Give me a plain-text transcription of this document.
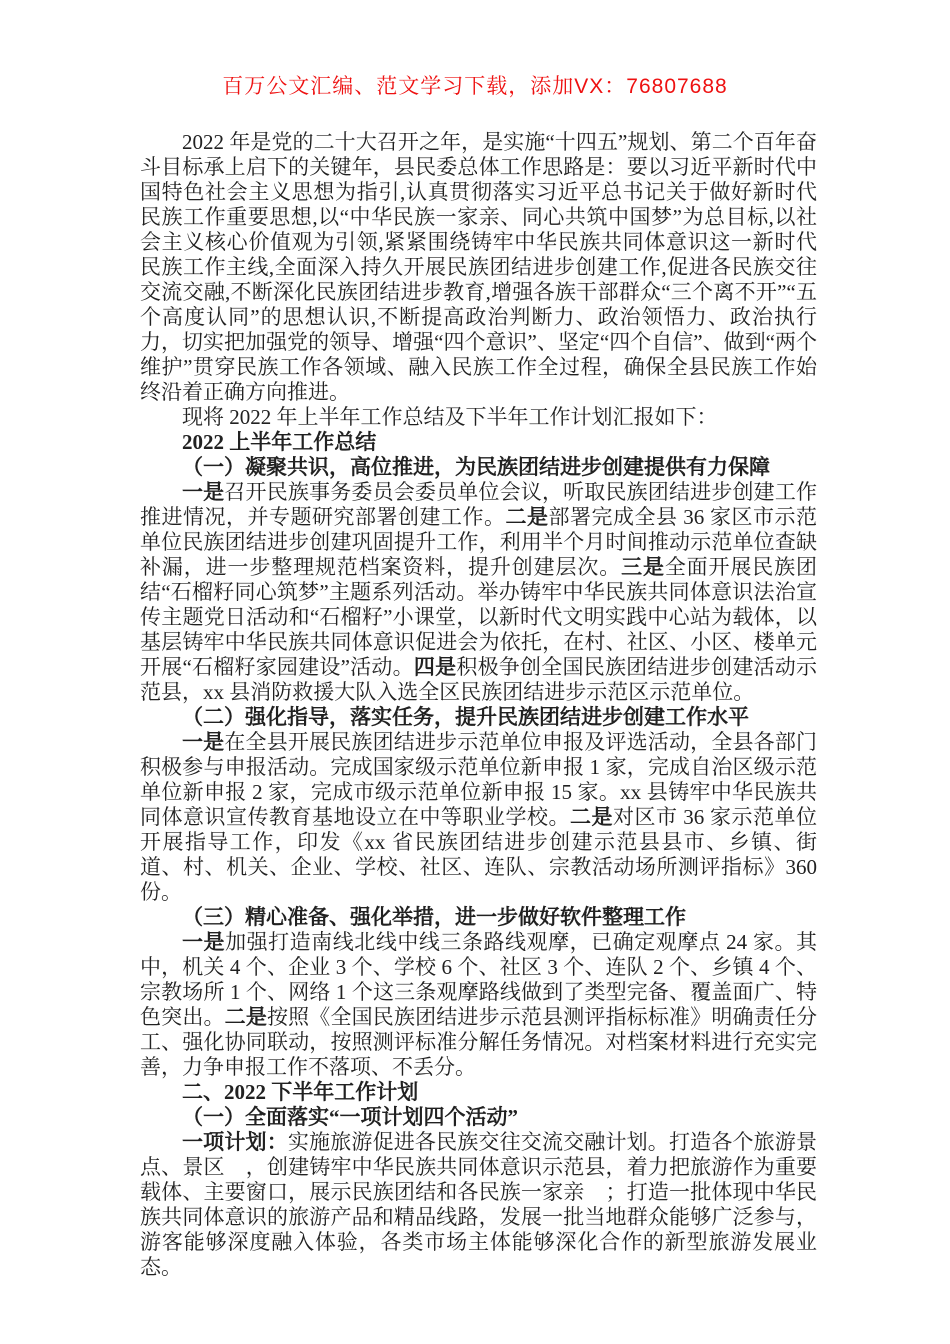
百万公文汇编、范文学习下载，添加VX：76807688

2022 年是党的二十大召开之年，是实施“十四五”规划、第二个百年奋斗目标承上启下的关键年，县民委总体工作思路是：要以习近平新时代中国特色社会主义思想为指引,认真贯彻落实习近平总书记关于做好新时代民族工作重要思想,以“中华民族一家亲、同心共筑中国梦”为总目标,以社会主义核心价值观为引领,紧紧围绕铸牢中华民族共同体意识这一新时代民族工作主线,全面深入持久开展民族团结进步创建工作,促进各民族交往交流交融,不断深化民族团结进步教育,增强各族干部群众“三个离不开”“五个高度认同”的思想认识,不断提高政治判断力、政治领悟力、政治执行力，切实把加强党的领导、增强“四个意识”、坚定“四个自信”、做到“两个维护”贯穿民族工作各领域、融入民族工作全过程，确保全县民族工作始终沿着正确方向推进。

现将 2022 年上半年工作总结及下半年工作计划汇报如下：

2022 上半年工作总结

（一）凝聚共识，高位推进，为民族团结进步创建提供有力保障

一是召开民族事务委员会委员单位会议，听取民族团结进步创建工作推进情况，并专题研究部署创建工作。二是部署完成全县 36 家区市示范单位民族团结进步创建巩固提升工作，利用半个月时间推动示范单位查缺补漏，进一步整理规范档案资料，提升创建层次。三是全面开展民族团结“石榴籽同心筑梦”主题系列活动。举办铸牢中华民族共同体意识法治宣传主题党日活动和“石榴籽”小课堂，以新时代文明实践中心站为载体，以基层铸牢中华民族共同体意识促进会为依托，在村、社区、小区、楼单元开展“石榴籽家园建设”活动。四是积极争创全国民族团结进步创建活动示范县，xx 县消防救援大队入选全区民族团结进步示范区示范单位。

（二）强化指导，落实任务，提升民族团结进步创建工作水平

一是在全县开展民族团结进步示范单位申报及评选活动，全县各部门积极参与申报活动。完成国家级示范单位新申报 1 家，完成自治区级示范单位新申报 2 家，完成市级示范单位新申报 15 家。xx 县铸牢中华民族共同体意识宣传教育基地设立在中等职业学校。二是对区市 36 家示范单位开展指导工作，印发《xx 省民族团结进步创建示范县县市、乡镇、街道、村、机关、企业、学校、社区、连队、宗教活动场所测评指标》360 份。

（三）精心准备、强化举措，进一步做好软件整理工作

一是加强打造南线北线中线三条路线观摩，已确定观摩点 24 家。其中，机关 4 个、企业 3 个、学校 6 个、社区 3 个、连队 2 个、乡镇 4 个、宗教场所 1 个、网络 1 个这三条观摩路线做到了类型完备、覆盖面广、特色突出。二是按照《全国民族团结进步示范县测评指标标准》明确责任分工、强化协同联动，按照测评标准分解任务情况。对档案材料进行充实完善，力争申报工作不落项、不丢分。

二、2022 下半年工作计划

（一）全面落实“一项计划四个活动”

一项计划：实施旅游促进各民族交往交流交融计划。打造各个旅游景点、景区　，创建铸牢中华民族共同体意识示范县，着力把旅游作为重要载体、主要窗口，展示民族团结和各民族一家亲　；打造一批体现中华民族共同体意识的旅游产品和精品线路，发展一批当地群众能够广泛参与，游客能够深度融入体验，各类市场主体能够深化合作的新型旅游发展业态。
